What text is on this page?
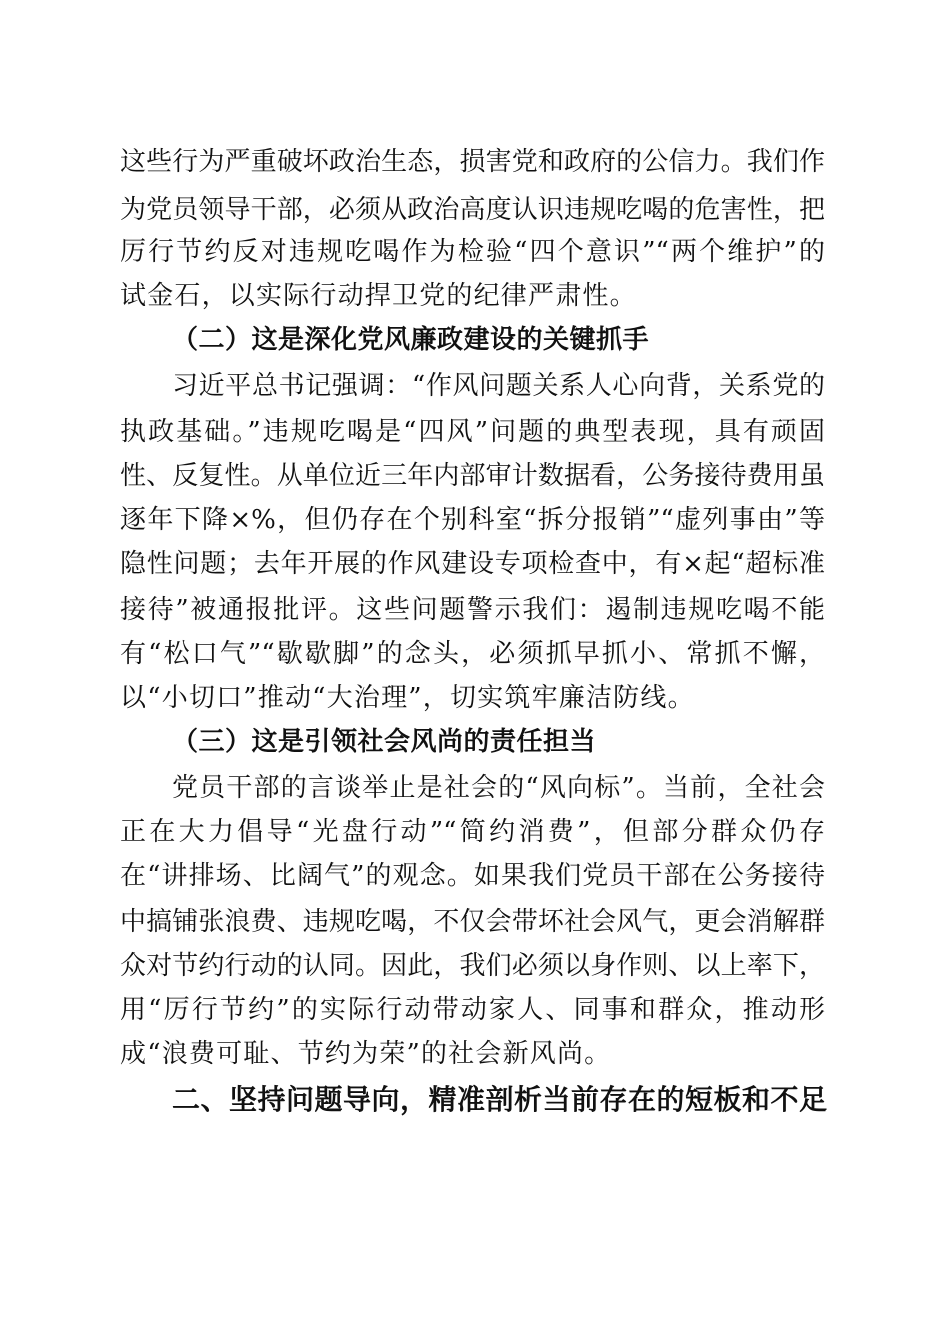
这些行为严重破坏政治生态，损害党和政府的公信力。我们作
为党员领导干部，必须从政治高度认识违规吃喝的危害性，把
厉行节约反对违规吃喝作为检验“四个意识”“两个维护”的
试金石，以实际行动捍卫党的纪律严肃性。
（二）这是深化党风廉政建设的关键抓手
习近平总书记强调：“作风问题关系人心向背，关系党的
执政基础。”违规吃喝是“四风”问题的典型表现，具有顽固
性、反复性。从单位近三年内部审计数据看，公务接待费用虽
逐年下降×%，但仍存在个别科室“拆分报销”“虚列事由”等
隐性问题；去年开展的作风建设专项检查中，有×起“超标准
接待”被通报批评。这些问题警示我们：遏制违规吃喝不能
有“松口气”“歇歇脚”的念头，必须抓早抓小、常抓不懈，
以“小切口”推动“大治理”，切实筑牢廉洁防线。
（三）这是引领社会风尚的责任担当
党员干部的言谈举止是社会的“风向标”。当前，全社会
正在大力倡导“光盘行动”“简约消费”，但部分群众仍存
在“讲排场、比阔气”的观念。如果我们党员干部在公务接待
中搞铺张浪费、违规吃喝，不仅会带坏社会风气，更会消解群
众对节约行动的认同。因此，我们必须以身作则、以上率下，
用“厉行节约”的实际行动带动家人、同事和群众，推动形
成“浪费可耻、节约为荣”的社会新风尚。
二、坚持问题导向，精准剖析当前存在的短板和不足
